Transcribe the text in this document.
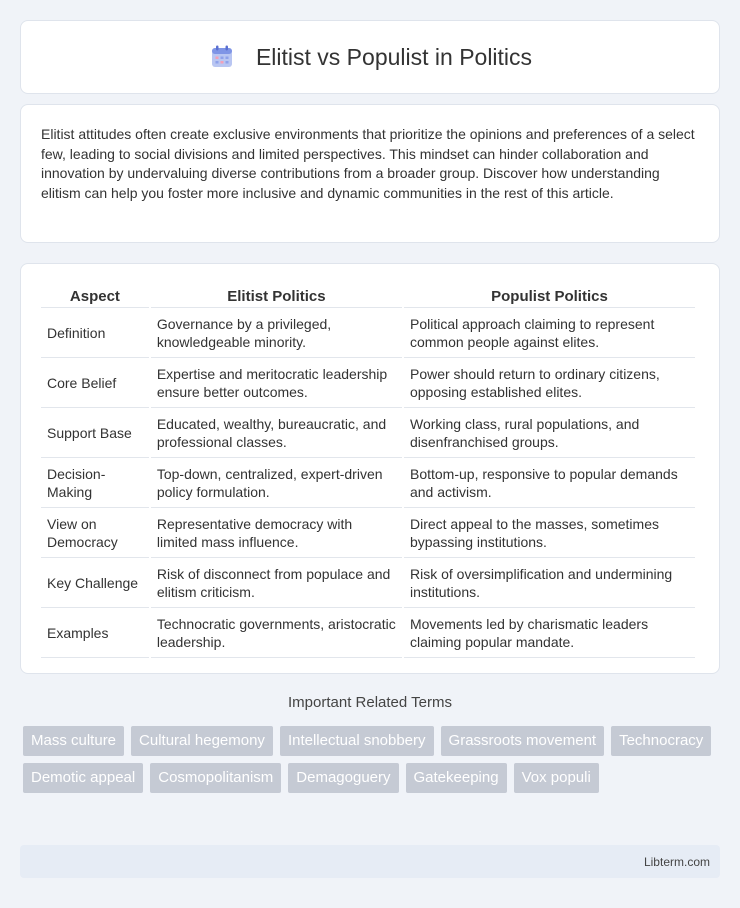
Elitist vs Populist in Politics

Elitist attitudes often create exclusive environments that prioritize the opinions and preferences of a select few, leading to social divisions and limited perspectives. This mindset can hinder collaboration and innovation by undervaluing diverse contributions from a broader group. Discover how understanding elitism can help you foster more inclusive and dynamic communities in the rest of this article.

Aspect	Elitist Politics	Populist Politics
Definition	Governance by a privileged, knowledgeable minority.	Political approach claiming to represent common people against elites.
Core Belief	Expertise and meritocratic leadership ensure better outcomes.	Power should return to ordinary citizens, opposing established elites.
Support Base	Educated, wealthy, bureaucratic, and professional classes.	Working class, rural populations, and disenfranchised groups.
Decision-Making	Top-down, centralized, expert-driven policy formulation.	Bottom-up, responsive to popular demands and activism.
View on Democracy	Representative democracy with limited mass influence.	Direct appeal to the masses, sometimes bypassing institutions.
Key Challenge	Risk of disconnect from populace and elitism criticism.	Risk of oversimplification and undermining institutions.
Examples	Technocratic governments, aristocratic leadership.	Movements led by charismatic leaders claiming popular mandate.
Important Related Terms
Mass culture	Cultural hegemony	Intellectual snobbery	Grassroots movement	Technocracy
Demotic appeal	Cosmopolitanism	Demagoguery	Gatekeeping	Vox populi
Libterm.com
